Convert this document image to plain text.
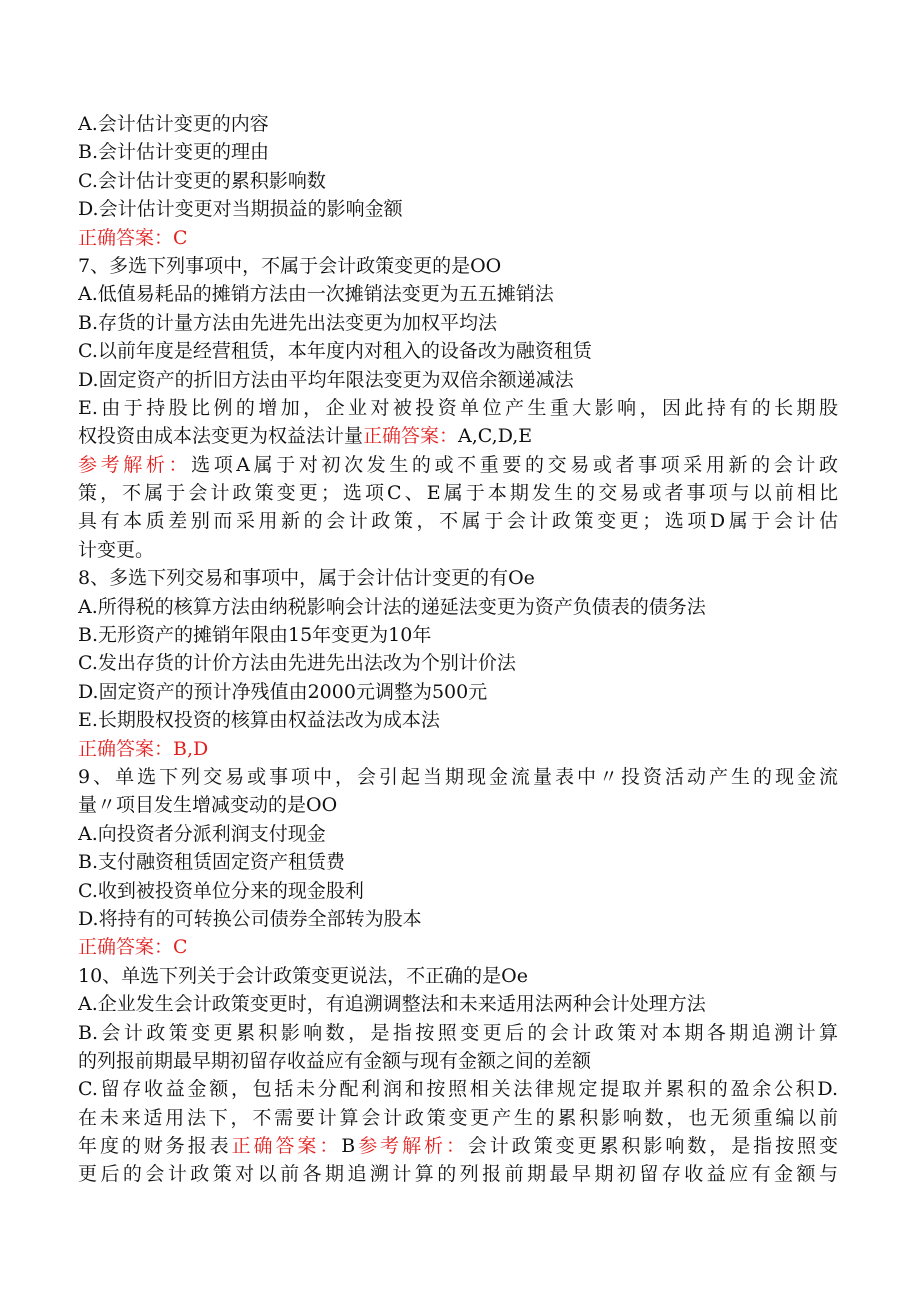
A.会计估计变更的内容
B.会计估计变更的理由
C.会计估计变更的累积影响数
D.会计估计变更对当期损益的影响金额
正确答案：C
7、多选下列事项中，不属于会计政策变更的是OO
A.低值易耗品的摊销方法由一次摊销法变更为五五摊销法
B.存货的计量方法由先进先出法变更为加权平均法
C.以前年度是经营租赁，本年度内对租入的设备改为融资租赁
D.固定资产的折旧方法由平均年限法变更为双倍余额递减法
E.由于持股比例的增加，企业对被投资单位产生重大影响，因此持有的长期股
权投资由成本法变更为权益法计量正确答案：A,C,D,E
参考解析：选项A属于对初次发生的或不重要的交易或者事项采用新的会计政
策，不属于会计政策变更；选项C、E属于本期发生的交易或者事项与以前相比
具有本质差别而采用新的会计政策，不属于会计政策变更；选项D属于会计估
计变更。
8、多选下列交易和事项中，属于会计估计变更的有Oe
A.所得税的核算方法由纳税影响会计法的递延法变更为资产负债表的债务法
B.无形资产的摊销年限由15年变更为10年
C.发出存货的计价方法由先进先出法改为个别计价法
D.固定资产的预计净残值由2000元调整为500元
E.长期股权投资的核算由权益法改为成本法
正确答案：B,D
9、单选下列交易或事项中，会引起当期现金流量表中〃投资活动产生的现金流
量〃项目发生增减变动的是OO
A.向投资者分派利润支付现金
B.支付融资租赁固定资产租赁费
C.收到被投资单位分来的现金股利
D.将持有的可转换公司债券全部转为股本
正确答案：C
10、单选下列关于会计政策变更说法，不正确的是Oe
A.企业发生会计政策变更时，有追溯调整法和未来适用法两种会计处理方法
B.会计政策变更累积影响数，是指按照变更后的会计政策对本期各期追溯计算
的列报前期最早期初留存收益应有金额与现有金额之间的差额
C.留存收益金额，包括未分配利润和按照相关法律规定提取并累积的盈余公积D.
在未来适用法下，不需要计算会计政策变更产生的累积影响数，也无须重编以前
年度的财务报表正确答案：B参考解析：会计政策变更累积影响数，是指按照变
更后的会计政策对以前各期追溯计算的列报前期最早期初留存收益应有金额与
